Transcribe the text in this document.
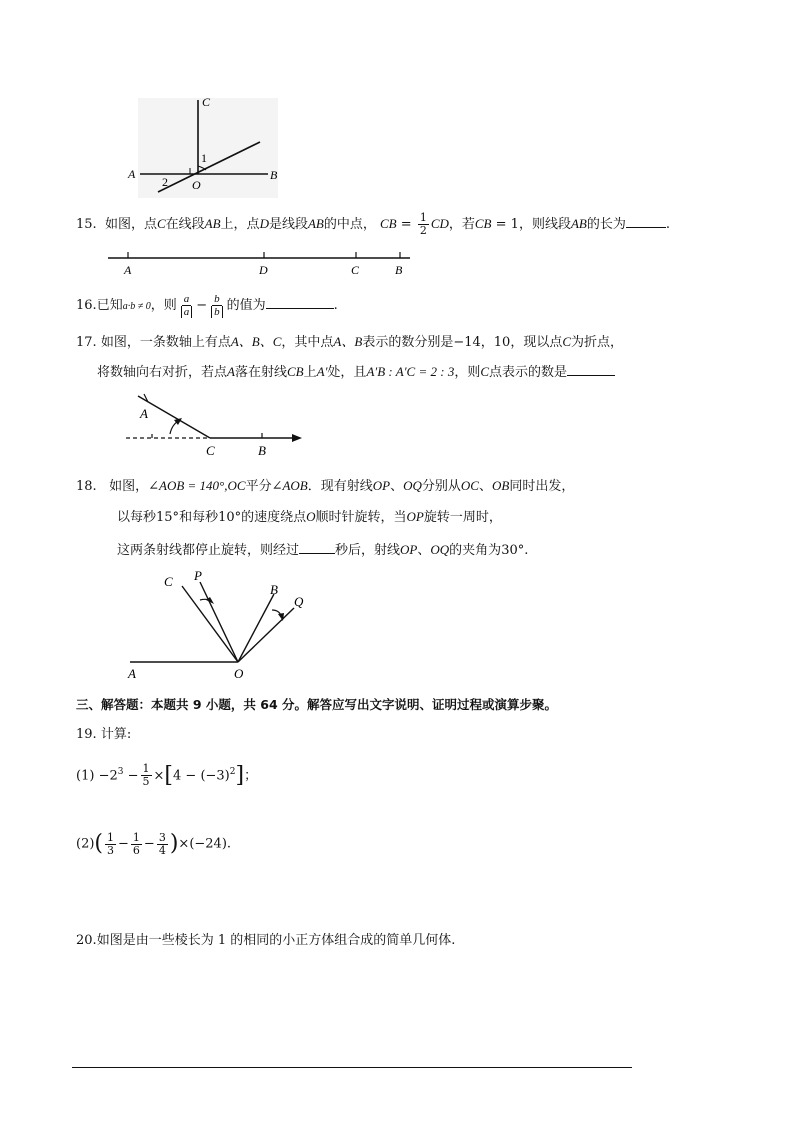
C
A	B
O
1
2
15. 如图，点C在线段AB上，点D是线段AB的中点， CB = $\frac{1}{2}$ CD，若CB = 1，则线段AB的长为	.
A	D	C	B
16.已知a·b ≠ 0，则 $\frac{a}{a} - \frac{b}{b}$ 的值为	.
17. 如图，一条数轴上有点A、B、C，其中点A、B表示的数分别是−14，10，现以点C为折点，
将数轴向右对折，若点A落在射线CB上A′处，且A′B : A′C = 2 : 3，则C点表示的数是
A
C	B
18. 如图，∠AOB = 140°,OC平分∠AOB．现有射线OP、OQ分别从OC、OB同时出发，
以每秒15°和每秒10°的速度绕点O顺时针旋转，当OP旋转一周时，
这两条射线都停止旋转，则经过	秒后，射线OP、OQ的夹角为30°.
C P
B
Q
A	O
三、解答题：本题共 9 小题，共 64 分。解答应写出文字说明、证明过程或演算步聚。
19. 计算:
$(1) -2^3 - \frac{1}{5} \times[4 - (-3)^2]$；
$(2)( \frac{1}{3} - \frac{1}{6} - \frac{3}{4} )\times(-24)$.
20.如图是由一些棱长为 1 的相同的小正方体组合成的简单几何体.
